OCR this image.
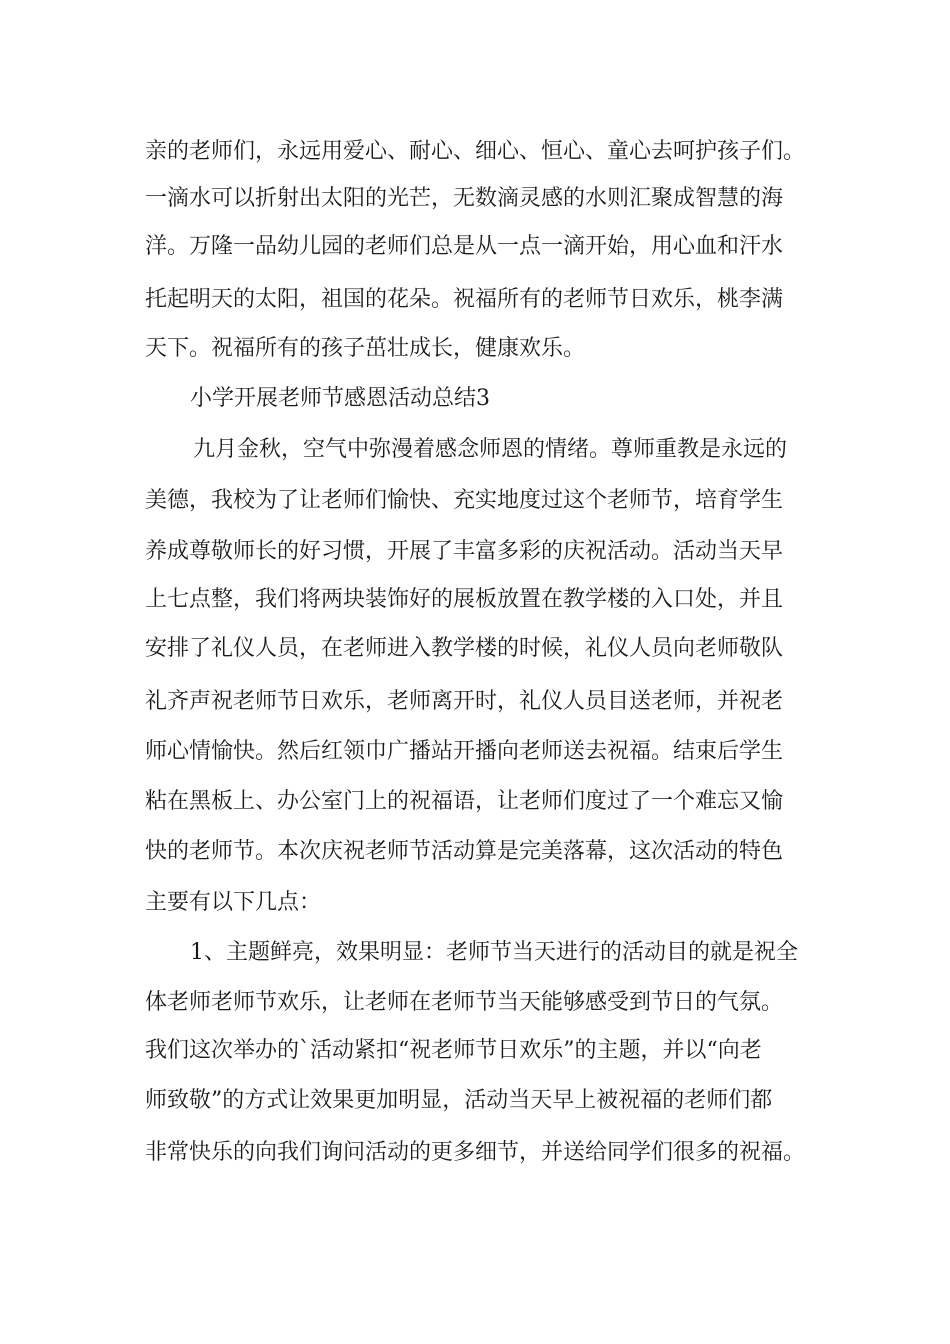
亲的老师们，永远用爱心、耐心、细心、恒心、童心去呵护孩子们。
一滴水可以折射出太阳的光芒，无数滴灵感的水则汇聚成智慧的海
洋。万隆一品幼儿园的老师们总是从一点一滴开始，用心血和汗水
托起明天的太阳，祖国的花朵。祝福所有的老师节日欢乐，桃李满
天下。祝福所有的孩子茁壮成长，健康欢乐。
小学开展老师节感恩活动总结3
九月金秋，空气中弥漫着感念师恩的情绪。尊师重教是永远的
美德，我校为了让老师们愉快、充实地度过这个老师节，培育学生
养成尊敬师长的好习惯，开展了丰富多彩的庆祝活动。活动当天早
上七点整，我们将两块装饰好的展板放置在教学楼的入口处，并且
安排了礼仪人员，在老师进入教学楼的时候，礼仪人员向老师敬队
礼齐声祝老师节日欢乐，老师离开时，礼仪人员目送老师，并祝老
师心情愉快。然后红领巾广播站开播向老师送去祝福。结束后学生
粘在黑板上、办公室门上的祝福语，让老师们度过了一个难忘又愉
快的老师节。本次庆祝老师节活动算是完美落幕，这次活动的特色
主要有以下几点：
1、主题鲜亮，效果明显：老师节当天进行的活动目的就是祝全
体老师老师节欢乐，让老师在老师节当天能够感受到节日的气氛。
我们这次举办的`活动紧扣“祝老师节日欢乐”的主题，并以“向老
师致敬”的方式让效果更加明显，活动当天早上被祝福的老师们都
非常快乐的向我们询问活动的更多细节，并送给同学们很多的祝福。
